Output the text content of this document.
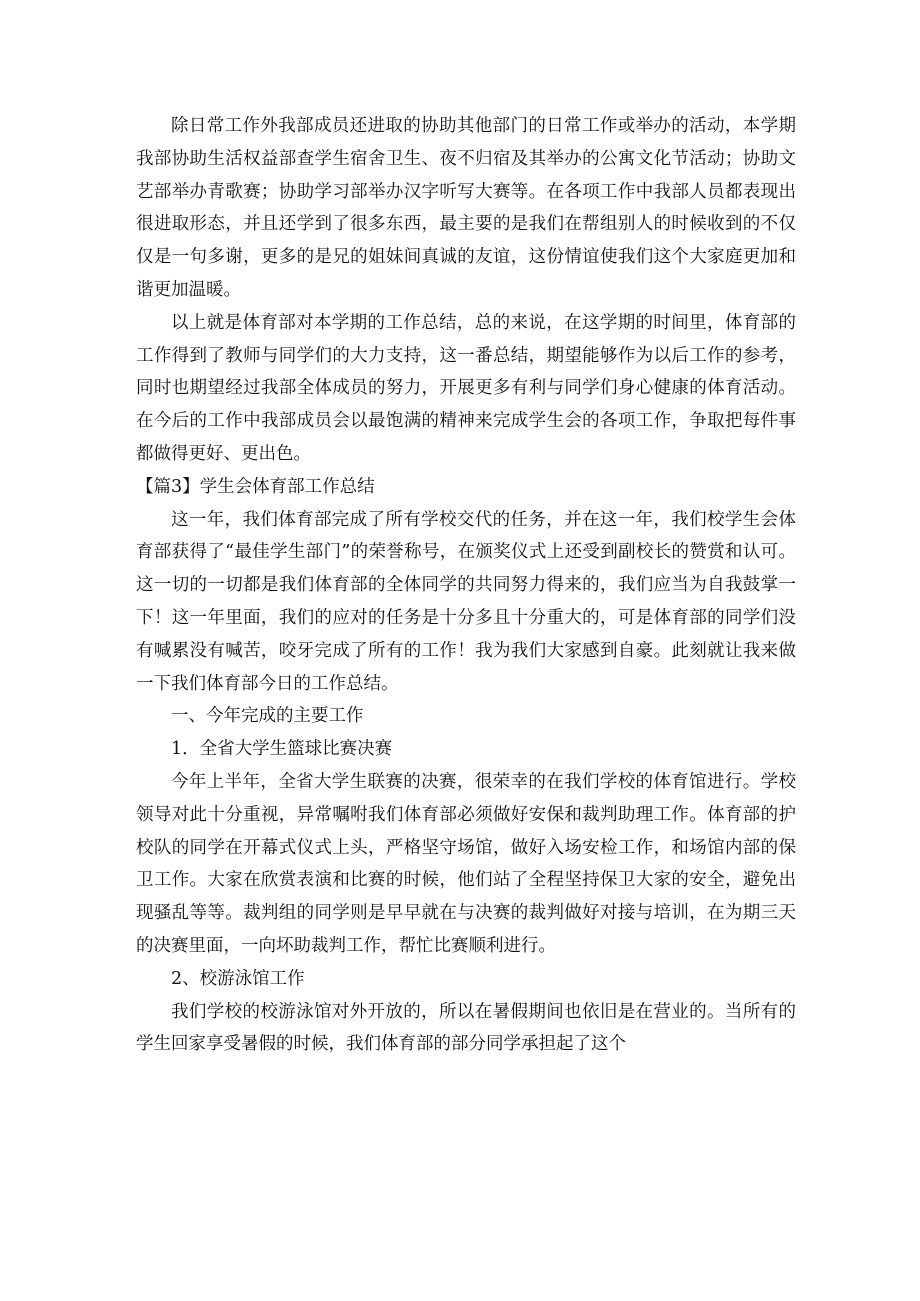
除日常工作外我部成员还进取的协助其他部门的日常工作或举办的活动，本学期我部协助生活权益部查学生宿舍卫生、夜不归宿及其举办的公寓文化节活动；协助文艺部举办青歌赛；协助学习部举办汉字听写大赛等。在各项工作中我部人员都表现出很进取形态，并且还学到了很多东西，最主要的是我们在帮组别人的时候收到的不仅仅是一句多谢，更多的是兄的姐妹间真诚的友谊，这份情谊使我们这个大家庭更加和谐更加温暖。

以上就是体育部对本学期的工作总结，总的来说，在这学期的时间里，体育部的工作得到了教师与同学们的大力支持，这一番总结，期望能够作为以后工作的参考，同时也期望经过我部全体成员的努力，开展更多有利与同学们身心健康的体育活动。在今后的工作中我部成员会以最饱满的精神来完成学生会的各项工作，争取把每件事都做得更好、更出色。

【篇3】学生会体育部工作总结

这一年，我们体育部完成了所有学校交代的任务，并在这一年，我们校学生会体育部获得了“最佳学生部门”的荣誉称号，在颁奖仪式上还受到副校长的赞赏和认可。这一切的一切都是我们体育部的全体同学的共同努力得来的，我们应当为自我鼓掌一下！这一年里面，我们的应对的任务是十分多且十分重大的，可是体育部的同学们没有喊累没有喊苦，咬牙完成了所有的工作！我为我们大家感到自豪。此刻就让我来做一下我们体育部今日的工作总结。

一、今年完成的主要工作

1．全省大学生篮球比赛决赛

今年上半年，全省大学生联赛的决赛，很荣幸的在我们学校的体育馆进行。学校领导对此十分重视，异常嘱咐我们体育部必须做好安保和裁判助理工作。体育部的护校队的同学在开幕式仪式上头，严格坚守场馆，做好入场安检工作，和场馆内部的保卫工作。大家在欣赏表演和比赛的时候，他们站了全程坚持保卫大家的安全，避免出现骚乱等等。裁判组的同学则是早早就在与决赛的裁判做好对接与培训，在为期三天的决赛里面，一向坏助裁判工作，帮忙比赛顺利进行。

2、校游泳馆工作

我们学校的校游泳馆对外开放的，所以在暑假期间也依旧是在营业的。当所有的学生回家享受暑假的时候，我们体育部的部分同学承担起了这个
